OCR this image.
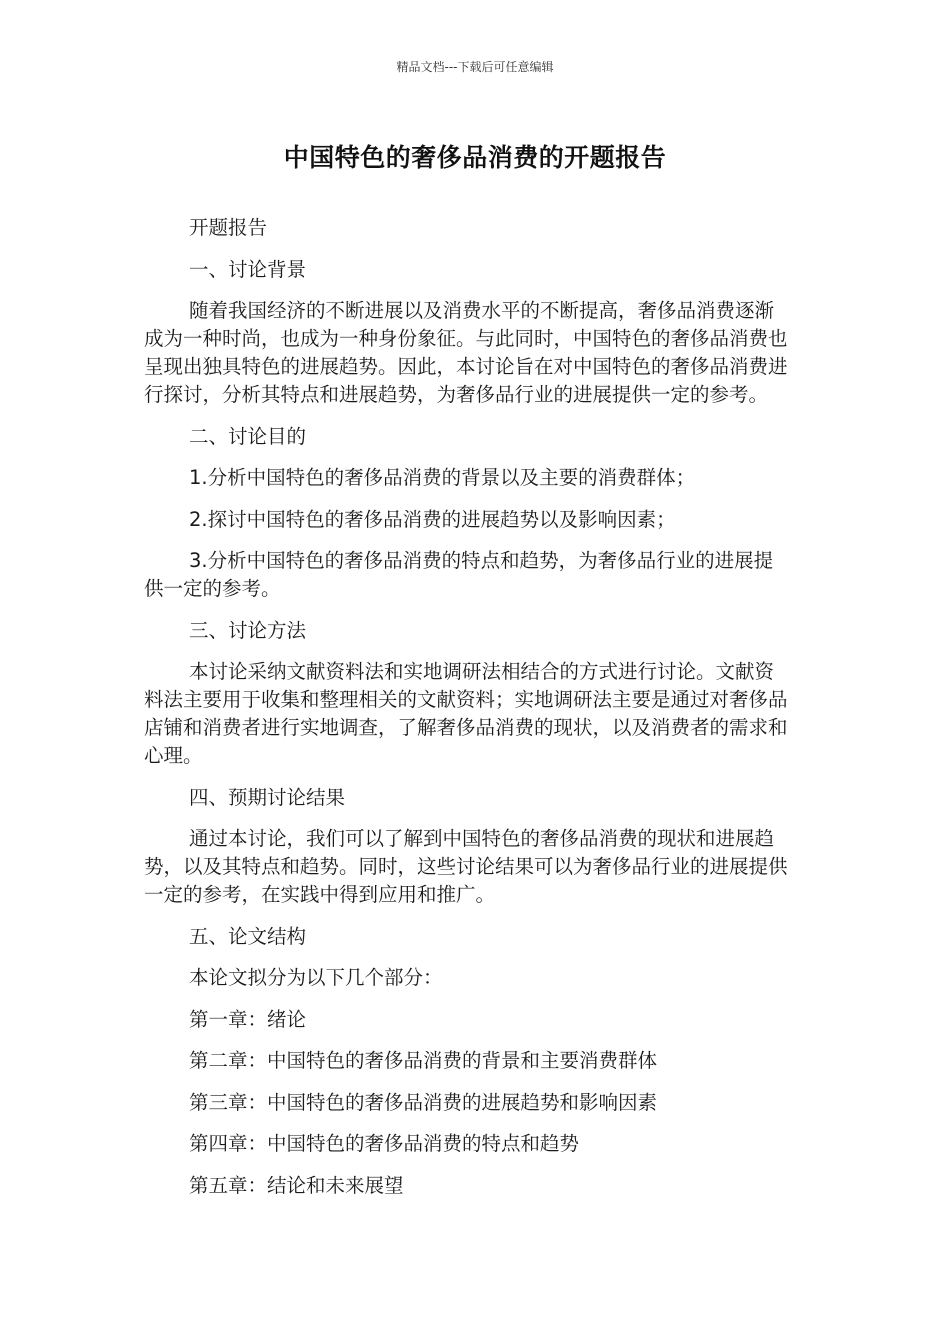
精品文档---下载后可任意编辑
中国特色的奢侈品消费的开题报告

开题报告

一、讨论背景

随着我国经济的不断进展以及消费水平的不断提高，奢侈品消费逐渐成为一种时尚，也成为一种身份象征。与此同时，中国特色的奢侈品消费也呈现出独具特色的进展趋势。因此，本讨论旨在对中国特色的奢侈品消费进行探讨，分析其特点和进展趋势，为奢侈品行业的进展提供一定的参考。

二、讨论目的

1.分析中国特色的奢侈品消费的背景以及主要的消费群体；

2.探讨中国特色的奢侈品消费的进展趋势以及影响因素；

3.分析中国特色的奢侈品消费的特点和趋势，为奢侈品行业的进展提供一定的参考。

三、讨论方法

本讨论采纳文献资料法和实地调研法相结合的方式进行讨论。文献资料法主要用于收集和整理相关的文献资料；实地调研法主要是通过对奢侈品店铺和消费者进行实地调查，了解奢侈品消费的现状，以及消费者的需求和心理。

四、预期讨论结果

通过本讨论，我们可以了解到中国特色的奢侈品消费的现状和进展趋势，以及其特点和趋势。同时，这些讨论结果可以为奢侈品行业的进展提供一定的参考，在实践中得到应用和推广。

五、论文结构

本论文拟分为以下几个部分：

第一章：绪论

第二章：中国特色的奢侈品消费的背景和主要消费群体

第三章：中国特色的奢侈品消费的进展趋势和影响因素

第四章：中国特色的奢侈品消费的特点和趋势

第五章：结论和未来展望
